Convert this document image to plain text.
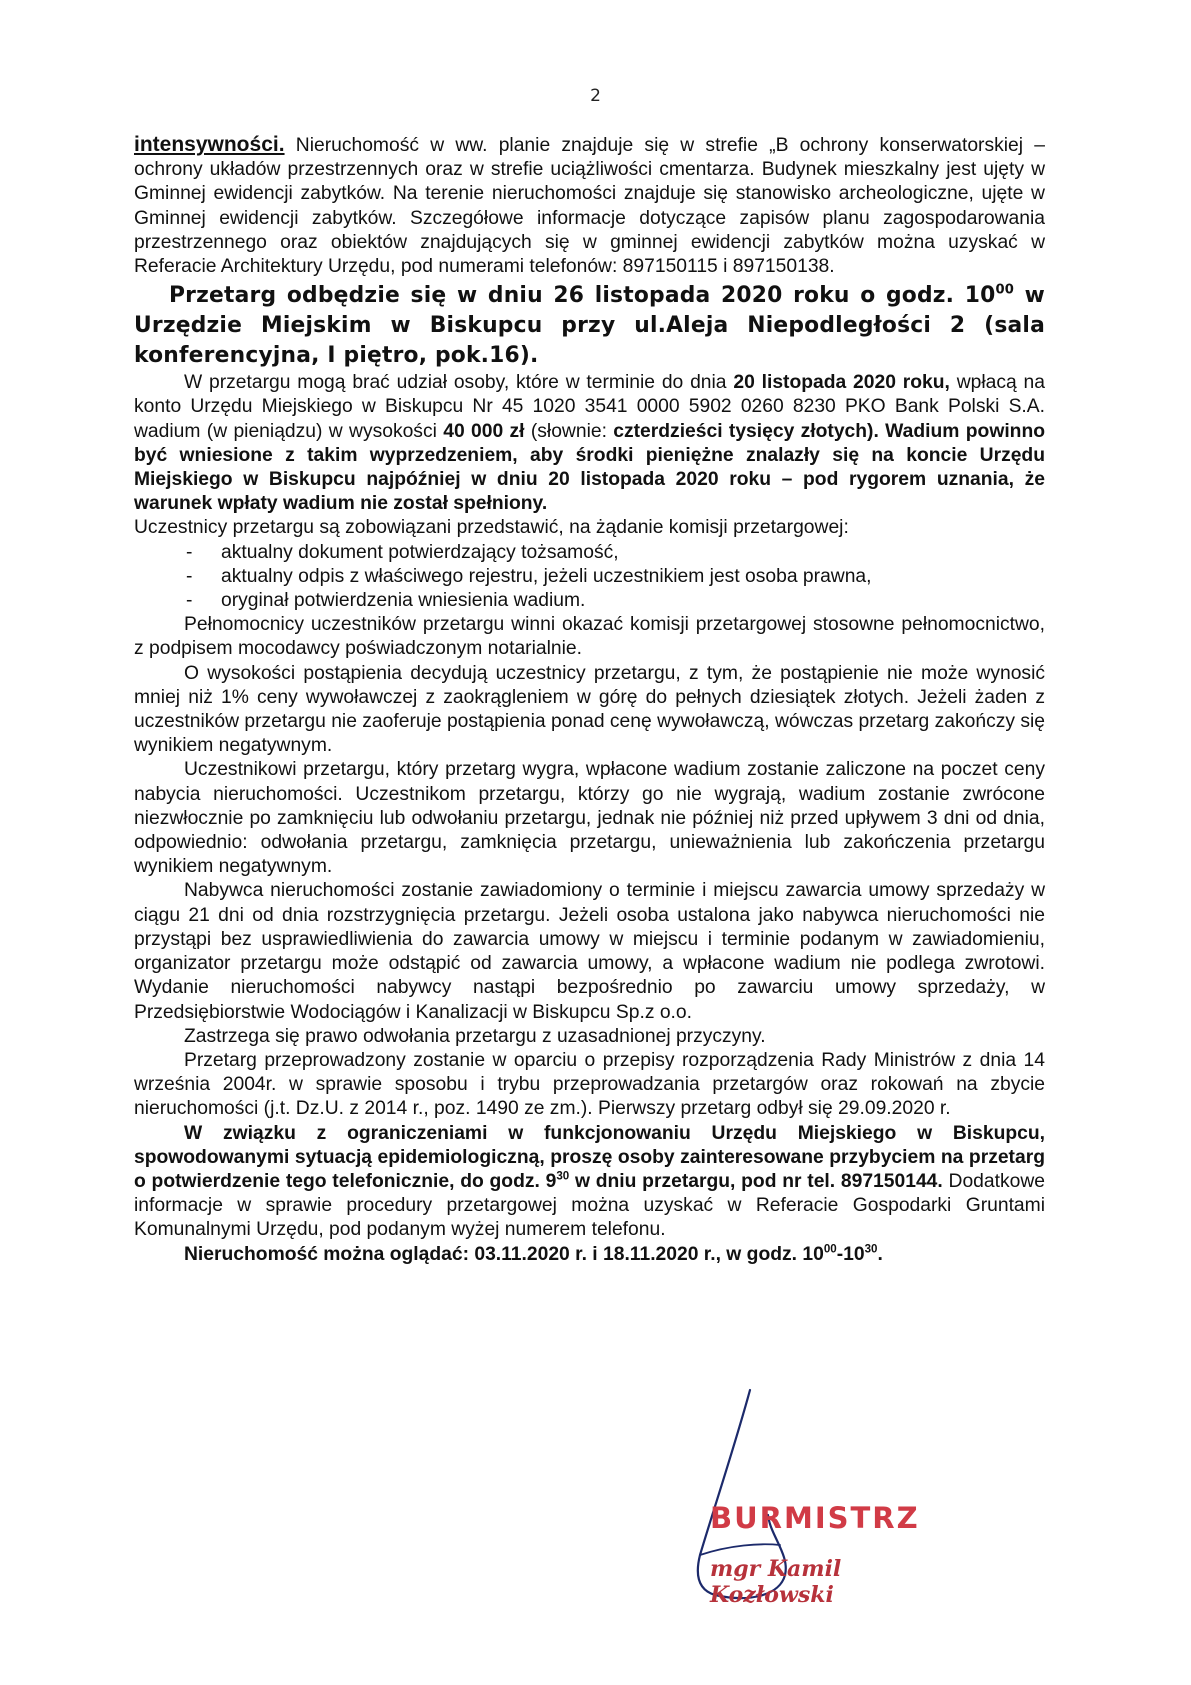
2

intensywności. Nieruchomość w ww. planie znajduje się w strefie „B ochrony konserwatorskiej – ochrony układów przestrzennych oraz w strefie uciążliwości cmentarza. Budynek mieszkalny jest ujęty w Gminnej ewidencji zabytków. Na terenie nieruchomości znajduje się stanowisko archeologiczne, ujęte w Gminnej ewidencji zabytków. Szczegółowe informacje dotyczące zapisów planu zagospodarowania przestrzennego oraz obiektów znajdujących się w gminnej ewidencji zabytków można uzyskać w Referacie Architektury Urzędu, pod numerami telefonów: 897150115 i 897150138.

Przetarg odbędzie się w dniu 26 listopada 2020 roku o godz. $10^{00}$ w Urzędzie Miejskim w Biskupcu przy ul.Aleja Niepodległości 2 (sala konferencyjna, I piętro, pok.16).

W przetargu mogą brać udział osoby, które w terminie do dnia 20 listopada 2020 roku, wpłacą na konto Urzędu Miejskiego w Biskupcu Nr 45 1020 3541 0000 5902 0260 8230 PKO Bank Polski S.A. wadium (w pieniądzu) w wysokości 40 000 zł (słownie: czterdzieści tysięcy złotych). Wadium powinno być wniesione z takim wyprzedzeniem, aby środki pieniężne znalazły się na koncie Urzędu Miejskiego w Biskupcu najpóźniej w dniu 20 listopada 2020 roku – pod rygorem uznania, że warunek wpłaty wadium nie został spełniony.

Uczestnicy przetargu są zobowiązani przedstawić, na żądanie komisji przetargowej:

- aktualny dokument potwierdzający tożsamość,
- aktualny odpis z właściwego rejestru, jeżeli uczestnikiem jest osoba prawna,
- oryginał potwierdzenia wniesienia wadium.

Pełnomocnicy uczestników przetargu winni okazać komisji przetargowej stosowne pełnomocnictwo, z podpisem mocodawcy poświadczonym notarialnie.

O wysokości postąpienia decydują uczestnicy przetargu, z tym, że postąpienie nie może wynosić mniej niż 1% ceny wywoławczej z zaokrągleniem w górę do pełnych dziesiątek złotych. Jeżeli żaden z uczestników przetargu nie zaoferuje postąpienia ponad cenę wywoławczą, wówczas przetarg zakończy się wynikiem negatywnym.

Uczestnikowi przetargu, który przetarg wygra, wpłacone wadium zostanie zaliczone na poczet ceny nabycia nieruchomości. Uczestnikom przetargu, którzy go nie wygrają, wadium zostanie zwrócone niezwłocznie po zamknięciu lub odwołaniu przetargu, jednak nie później niż przed upływem 3 dni od dnia, odpowiednio: odwołania przetargu, zamknięcia przetargu, unieważnienia lub zakończenia przetargu wynikiem negatywnym.

Nabywca nieruchomości zostanie zawiadomiony o terminie i miejscu zawarcia umowy sprzedaży w ciągu 21 dni od dnia rozstrzygnięcia przetargu. Jeżeli osoba ustalona jako nabywca nieruchomości nie przystąpi bez usprawiedliwienia do zawarcia umowy w miejscu i terminie podanym w zawiadomieniu, organizator przetargu może odstąpić od zawarcia umowy, a wpłacone wadium nie podlega zwrotowi. Wydanie nieruchomości nabywcy nastąpi bezpośrednio po zawarciu umowy sprzedaży, w Przedsiębiorstwie Wodociągów i Kanalizacji w Biskupcu Sp.z o.o.

Zastrzega się prawo odwołania przetargu z uzasadnionej przyczyny.

Przetarg przeprowadzony zostanie w oparciu o przepisy rozporządzenia Rady Ministrów z dnia 14 września 2004r. w sprawie sposobu i trybu przeprowadzania przetargów oraz rokowań na zbycie nieruchomości (j.t. Dz.U. z 2014 r., poz. 1490 ze zm.). Pierwszy przetarg odbył się 29.09.2020 r.

W związku z ograniczeniami w funkcjonowaniu Urzędu Miejskiego w Biskupcu, spowodowanymi sytuacją epidemiologiczną, proszę osoby zainteresowane przybyciem na przetarg o potwierdzenie tego telefonicznie, do godz. $9^{30}$ w dniu przetargu, pod nr tel. 897150144. Dodatkowe informacje w sprawie procedury przetargowej można uzyskać w Referacie Gospodarki Gruntami Komunalnymi Urzędu, pod podanym wyżej numerem telefonu.

Nieruchomość można oglądać: 03.11.2020 r. i 18.11.2020 r., w godz. $10^{00}-10^{30}$.

BURMISTRZ
mgr Kamil Kozłowski
